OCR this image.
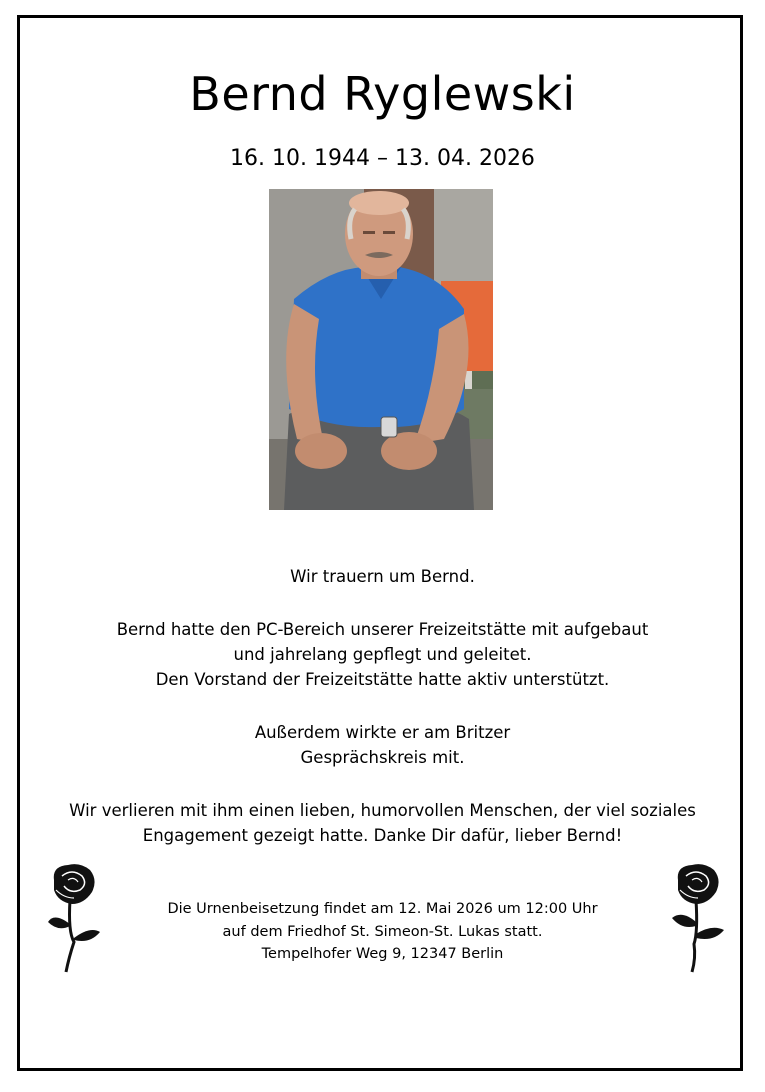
Bernd Ryglewski
16. 10. 1944 – 13. 04. 2026

Wir trauern um Bernd.

Bernd hatte den PC-Bereich unserer Freizeitstätte mit aufgebaut

und jahrelang gepflegt und geleitet.

Den Vorstand der Freizeitstätte hatte aktiv unterstützt.

Außerdem wirkte er am Britzer

Gesprächskreis mit.

Wir verlieren mit ihm einen lieben, humorvollen Menschen, der viel soziales

Engagement gezeigt hatte. Danke Dir dafür, lieber Bernd!

Die Urnenbeisetzung findet am 12. Mai 2026 um 12:00 Uhr

auf dem Friedhof St. Simeon-St. Lukas statt.

Tempelhofer Weg 9, 12347 Berlin
